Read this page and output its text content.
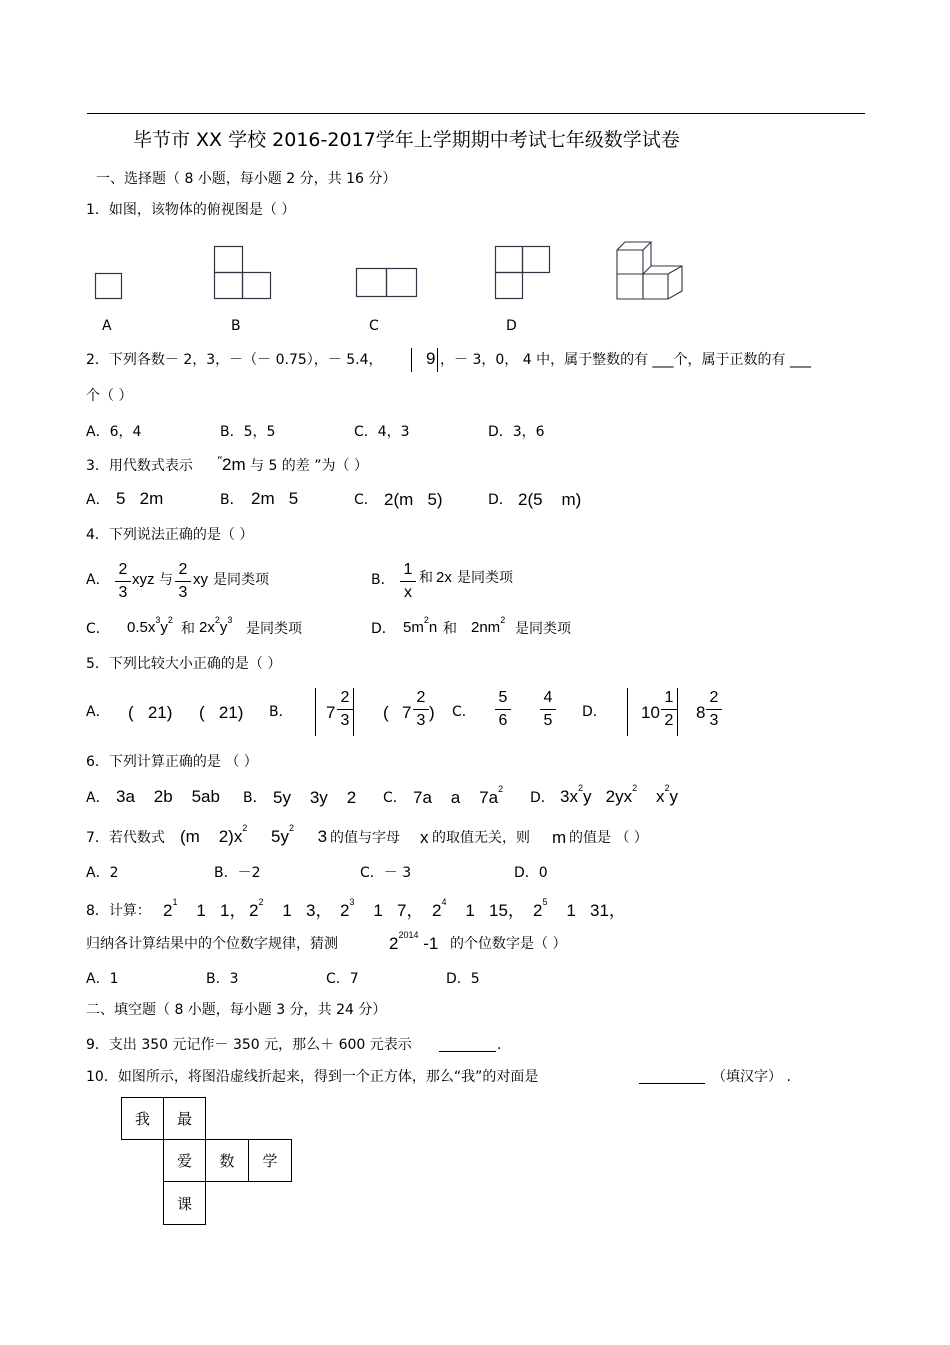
毕节市 XX 学校 2016-2017学年上学期期中考试七年级数学试卷
一、选择题（ 8 小题，每小题 2 分，共 16 分）
1．如图，该物体的俯视图是（ ）
A	B	C	D
2．下列各数－ 2，3，－（－ 0.75），－ 5.4，	9 ，－ 3，0， 4 中，属于整数的有 ___个，属于正数的有 ___
个（ ）
A．6，4	B．5，5	C．4，3	D．3，6
3．用代数式表示 “ 2m 与 5 的差 ”为（ ）
A． 5   2m	B． 2m   5	C． 2(m   5)	D． 2(5    m)
4．下列说法正确的是（ ）
A．
2
3
xyz 与
2
3
xy 是同类项	B．
1
x
和 2x 是同类项
C． $0.5x^3y^2$
和 $2x^2y^3$
是同类项	D． $5m^2n$ 和 $2nm^2$
是同类项
5．下列比较大小正确的是（ ）
A． (   21) (   21) B． 7
2
3 ( 7
2
3 ) C．
5
6
4
5 D． 10
1
2 8
2
3
6．下列计算正确的是 （ ）
A． 3a    2b    5ab B． 5y    3y    2 C． 7a    a    $7a^2$
D． $3x^2y$   $2yx^2$ $x^2y$
7．若代数式 (m    $2)x^2$ $5y^2$ 3 的值与字母 x 的取值无关，则 m 的值是 （ ）
A．2	B．－2	C．－ 3	D．0
8．计算： $2^1$ 1   1， $2^2$ 1   3， $2^3$ 1   7， $2^4$ 1   15， $2^5$ 1   31，
归纳各计算结果中的个位数字规律，猜测	$2^{2014}$ -1 的个位数字是（ ）
A．1	B．3	C．7	D．5
二、填空题（ 8 小题，每小题 3 分，共 24 分）
9．支出 350 元记作－ 350 元，那么＋ 600 元表示	.
10．如图所示，将图沿虚线折起来，得到一个正方体，那么“我”的对面是	（填汉字） .
我	最
爱	数	学
课
